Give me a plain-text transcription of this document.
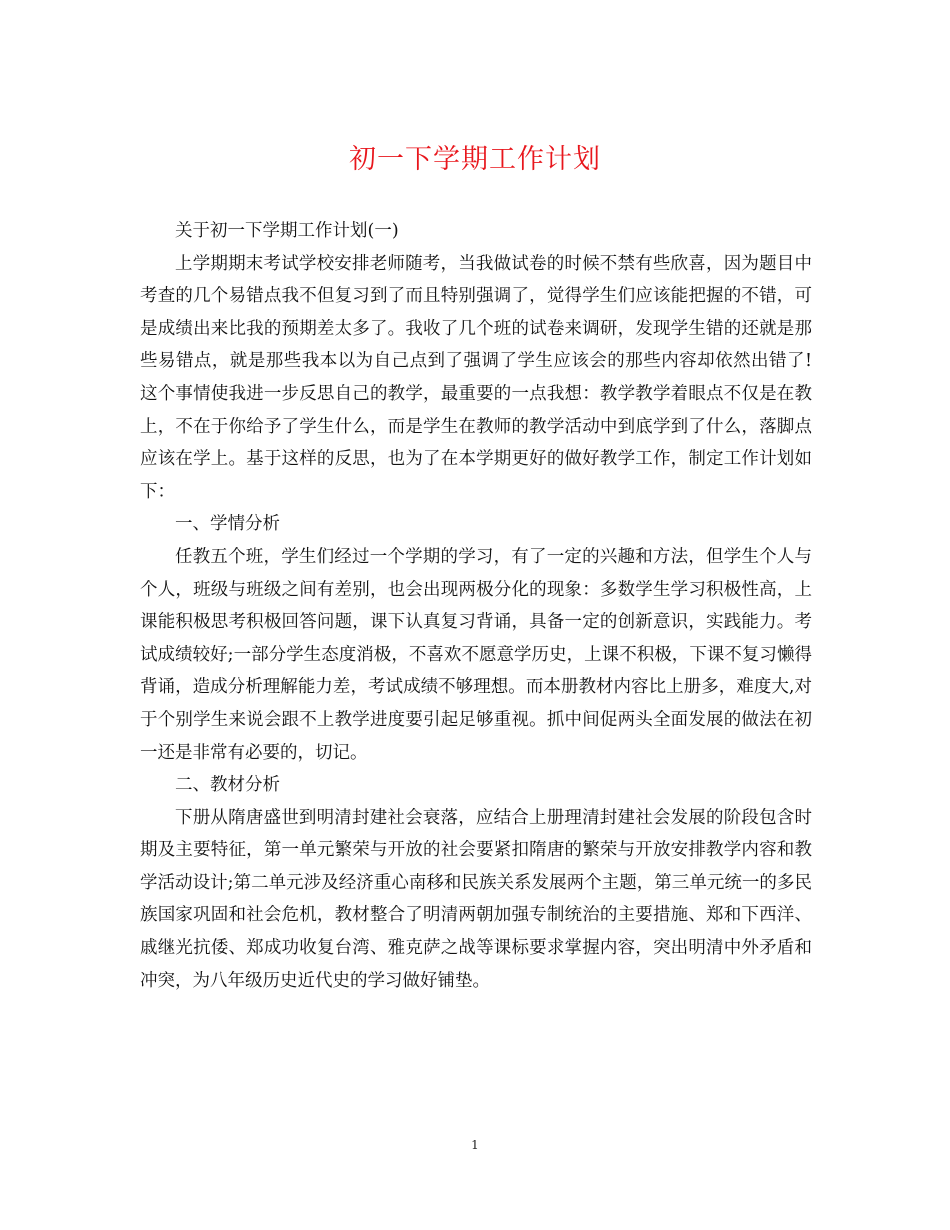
初一下学期工作计划

关于初一下学期工作计划(一)

上学期期末考试学校安排老师随考，当我做试卷的时候不禁有些欣喜，因为题目中考查的几个易错点我不但复习到了而且特别强调了，觉得学生们应该能把握的不错，可是成绩出来比我的预期差太多了。我收了几个班的试卷来调研，发现学生错的还就是那些易错点，就是那些我本以为自己点到了强调了学生应该会的那些内容却依然出错了!这个事情使我进一步反思自己的教学，最重要的一点我想：教学教学着眼点不仅是在教上，不在于你给予了学生什么，而是学生在教师的教学活动中到底学到了什么，落脚点应该在学上。基于这样的反思，也为了在本学期更好的做好教学工作，制定工作计划如下：

一、学情分析

任教五个班，学生们经过一个学期的学习，有了一定的兴趣和方法，但学生个人与个人，班级与班级之间有差别，也会出现两极分化的现象：多数学生学习积极性高，上课能积极思考积极回答问题，课下认真复习背诵，具备一定的创新意识，实践能力。考试成绩较好;一部分学生态度消极，不喜欢不愿意学历史，上课不积极，下课不复习懒得背诵，造成分析理解能力差，考试成绩不够理想。而本册教材内容比上册多，难度大,对于个别学生来说会跟不上教学进度要引起足够重视。抓中间促两头全面发展的做法在初一还是非常有必要的，切记。

二、教材分析

下册从隋唐盛世到明清封建社会衰落，应结合上册理清封建社会发展的阶段包含时期及主要特征，第一单元繁荣与开放的社会要紧扣隋唐的繁荣与开放安排教学内容和教学活动设计;第二单元涉及经济重心南移和民族关系发展两个主题，第三单元统一的多民族国家巩固和社会危机，教材整合了明清两朝加强专制统治的主要措施、郑和下西洋、戚继光抗倭、郑成功收复台湾、雅克萨之战等课标要求掌握内容，突出明清中外矛盾和冲突，为八年级历史近代史的学习做好铺垫。

1
